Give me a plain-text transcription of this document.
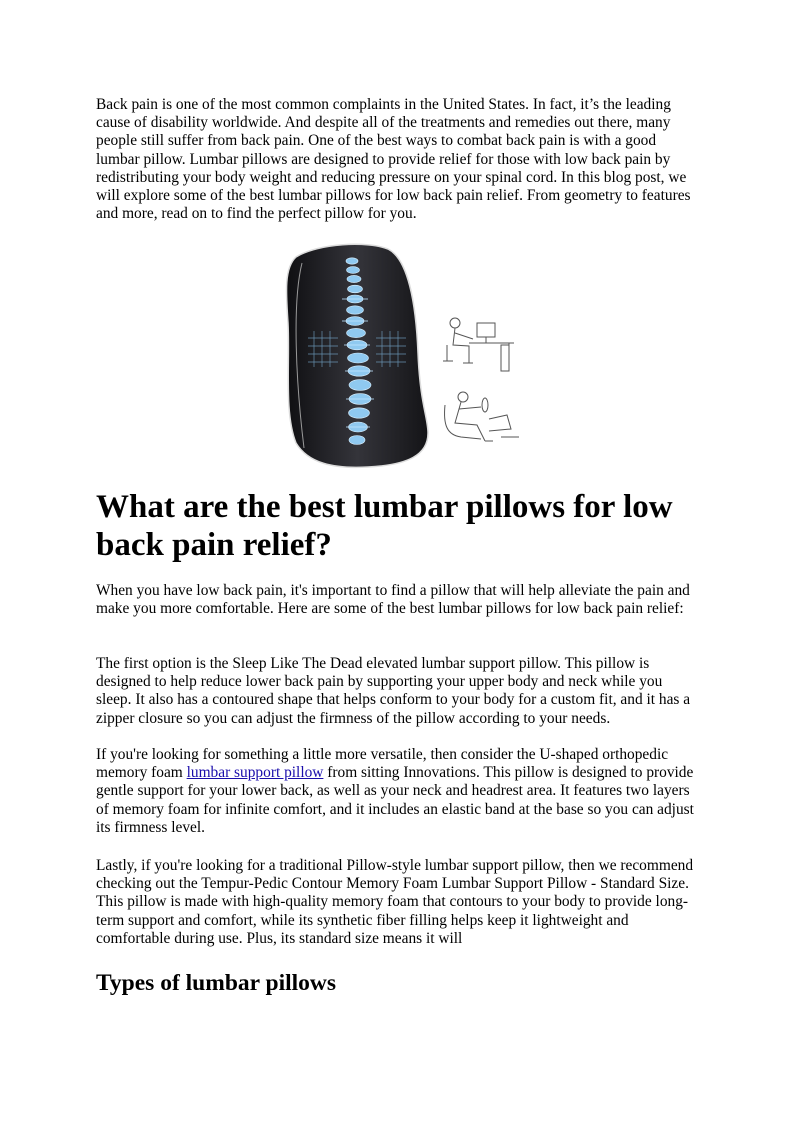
Back pain is one of the most common complaints in the United States. In fact, it’s the leading cause of disability worldwide. And despite all of the treatments and remedies out there, many people still suffer from back pain. One of the best ways to combat back pain is with a good lumbar pillow. Lumbar pillows are designed to provide relief for those with low back pain by redistributing your body weight and reducing pressure on your spinal cord. In this blog post, we will explore some of the best lumbar pillows for low back pain relief. From geometry to features and more, read on to find the perfect pillow for you.

What are the best lumbar pillows for low back pain relief?

When you have low back pain, it's important to find a pillow that will help alleviate the pain and make you more comfortable. Here are some of the best lumbar pillows for low back pain relief:

The first option is the Sleep Like The Dead elevated lumbar support pillow. This pillow is designed to help reduce lower back pain by supporting your upper body and neck while you sleep. It also has a contoured shape that helps conform to your body for a custom fit, and it has a zipper closure so you can adjust the firmness of the pillow according to your needs.

If you're looking for something a little more versatile, then consider the U-shaped orthopedic memory foam lumbar support pillow from sitting Innovations. This pillow is designed to provide gentle support for your lower back, as well as your neck and headrest area. It features two layers of memory foam for infinite comfort, and it includes an elastic band at the base so you can adjust its firmness level.

Lastly, if you're looking for a traditional Pillow-style lumbar support pillow, then we recommend checking out the Tempur-Pedic Contour Memory Foam Lumbar Support Pillow - Standard Size. This pillow is made with high-quality memory foam that contours to your body to provide long-term support and comfort, while its synthetic fiber filling helps keep it lightweight and comfortable during use. Plus, its standard size means it will

Types of lumbar pillows
